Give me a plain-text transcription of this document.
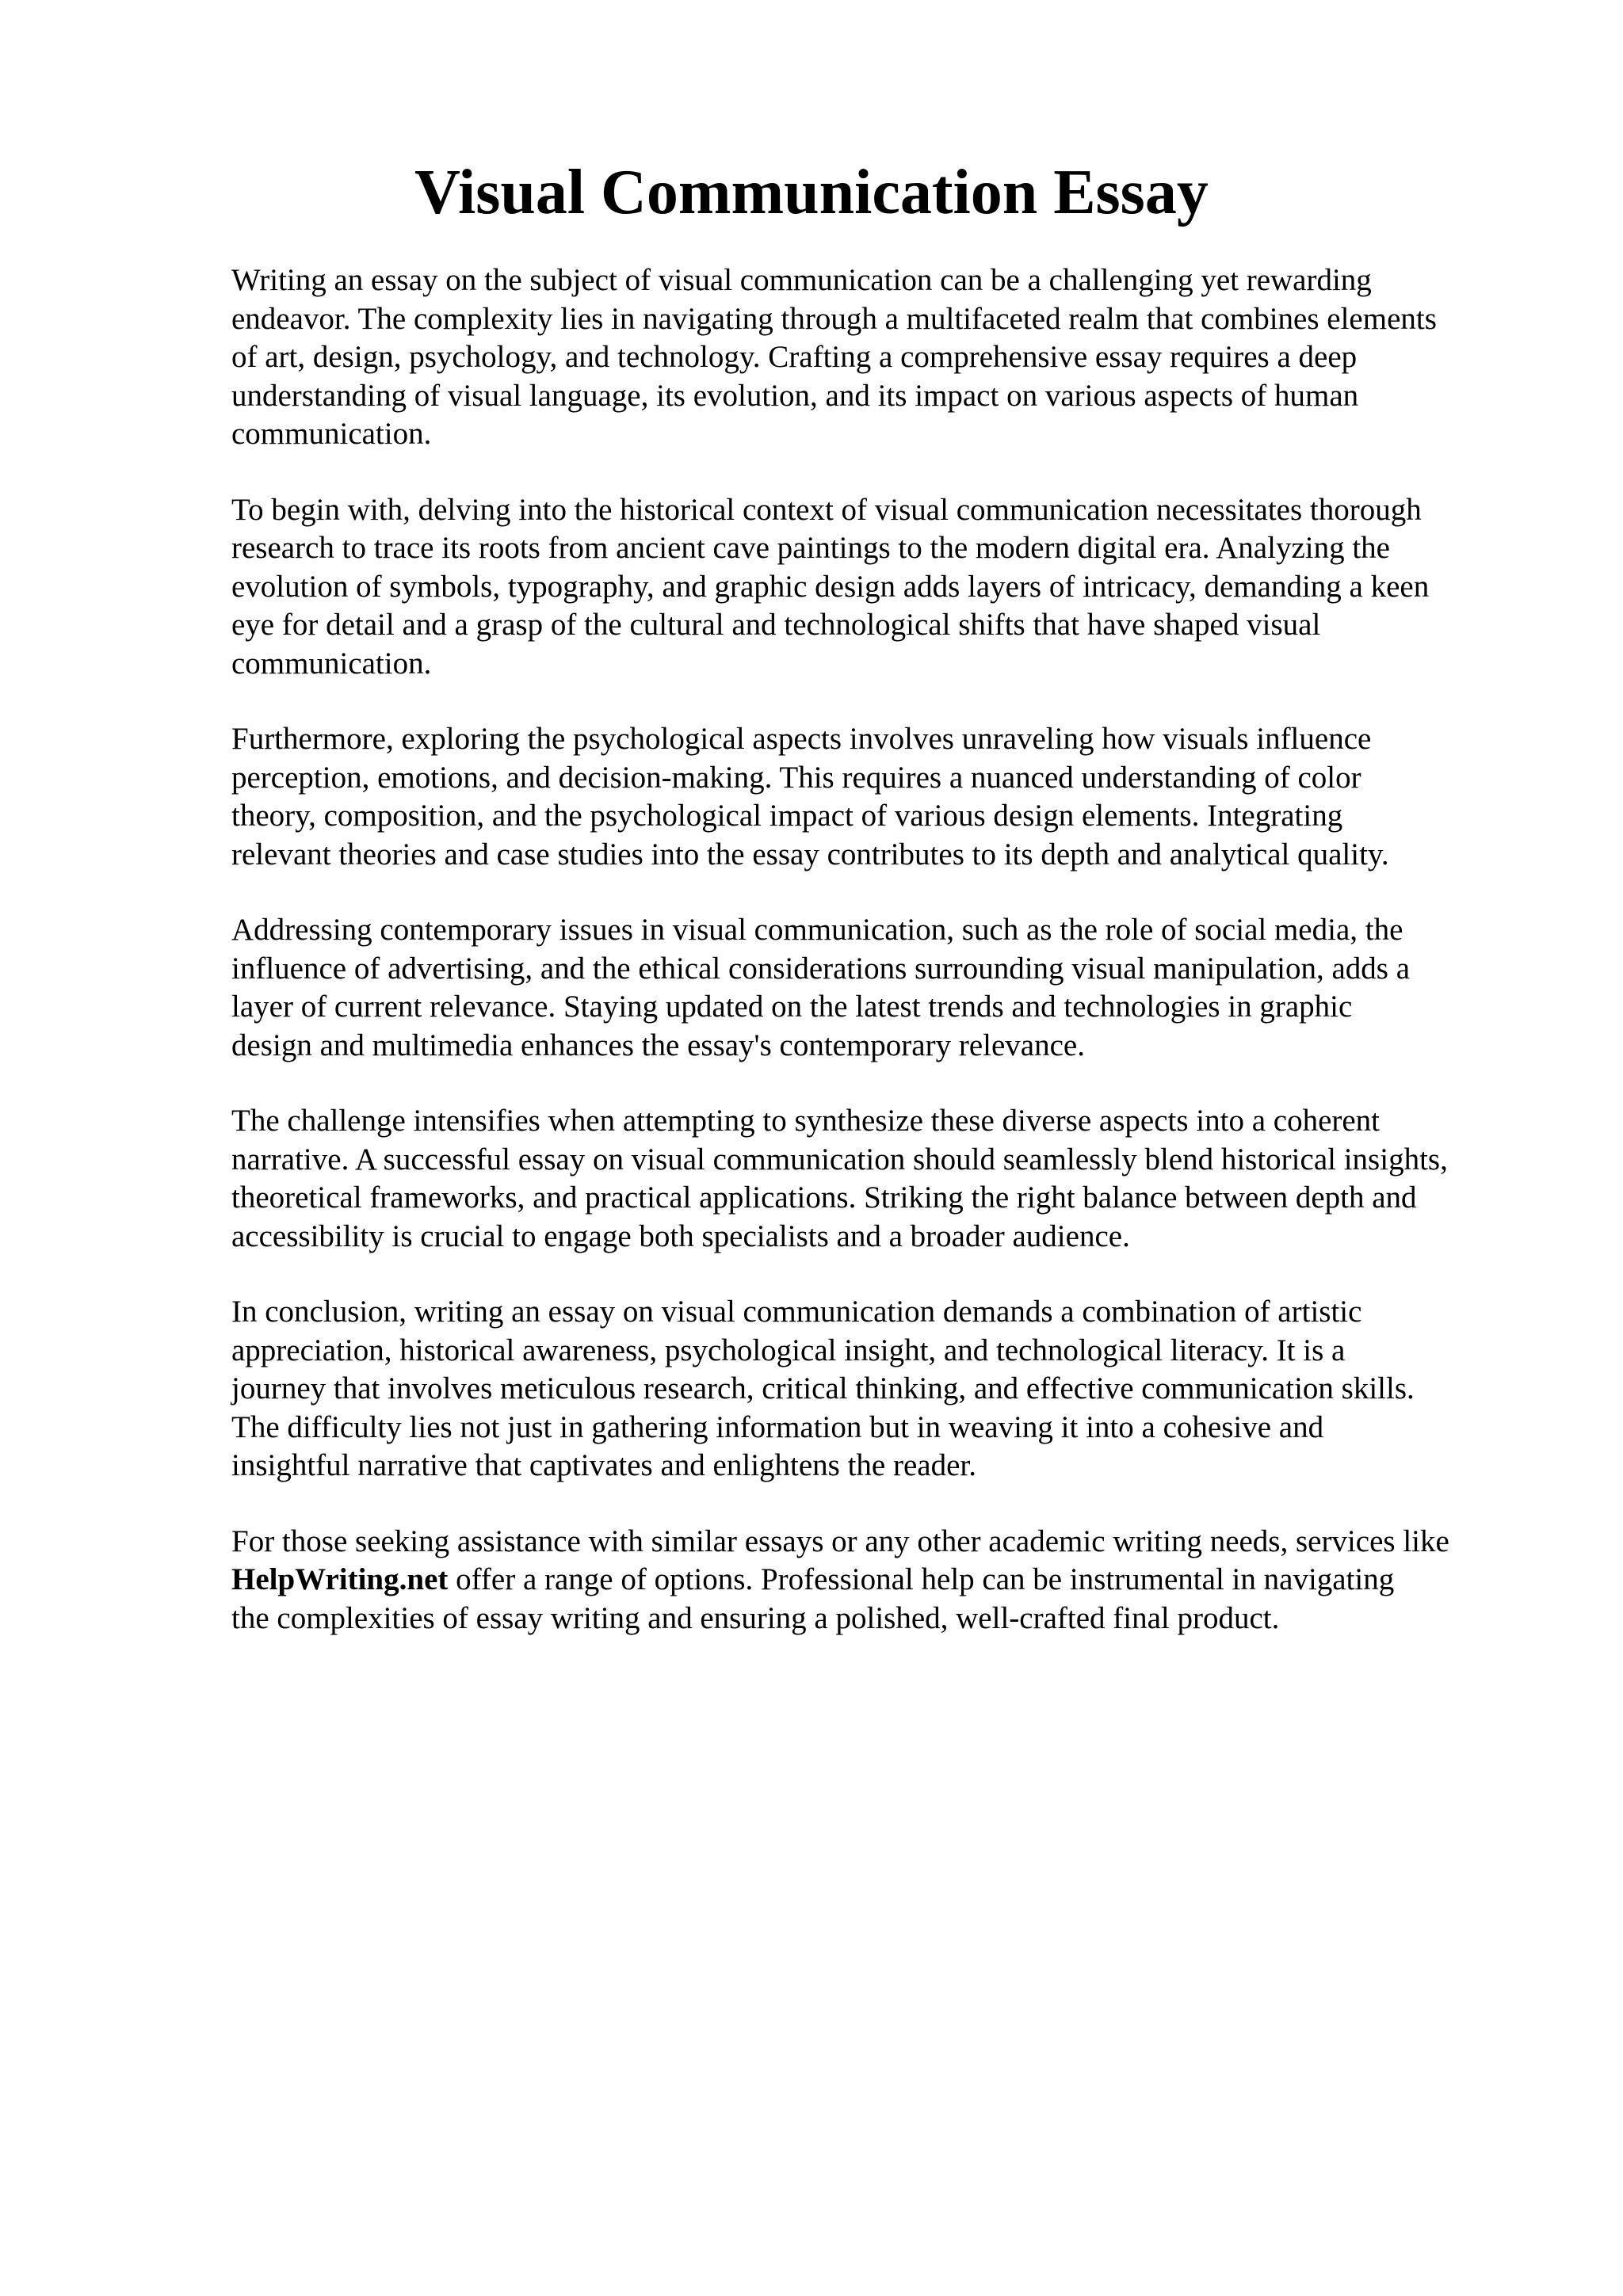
Visual Communication Essay

Writing an essay on the subject of visual communication can be a challenging yet rewarding
endeavor. The complexity lies in navigating through a multifaceted realm that combines elements
of art, design, psychology, and technology. Crafting a comprehensive essay requires a deep
understanding of visual language, its evolution, and its impact on various aspects of human
communication.

To begin with, delving into the historical context of visual communication necessitates thorough
research to trace its roots from ancient cave paintings to the modern digital era. Analyzing the
evolution of symbols, typography, and graphic design adds layers of intricacy, demanding a keen
eye for detail and a grasp of the cultural and technological shifts that have shaped visual
communication.

Furthermore, exploring the psychological aspects involves unraveling how visuals influence
perception, emotions, and decision-making. This requires a nuanced understanding of color
theory, composition, and the psychological impact of various design elements. Integrating
relevant theories and case studies into the essay contributes to its depth and analytical quality.

Addressing contemporary issues in visual communication, such as the role of social media, the
influence of advertising, and the ethical considerations surrounding visual manipulation, adds a
layer of current relevance. Staying updated on the latest trends and technologies in graphic
design and multimedia enhances the essay's contemporary relevance.

The challenge intensifies when attempting to synthesize these diverse aspects into a coherent
narrative. A successful essay on visual communication should seamlessly blend historical insights,
theoretical frameworks, and practical applications. Striking the right balance between depth and
accessibility is crucial to engage both specialists and a broader audience.

In conclusion, writing an essay on visual communication demands a combination of artistic
appreciation, historical awareness, psychological insight, and technological literacy. It is a
journey that involves meticulous research, critical thinking, and effective communication skills.
The difficulty lies not just in gathering information but in weaving it into a cohesive and
insightful narrative that captivates and enlightens the reader.

For those seeking assistance with similar essays or any other academic writing needs, services like
HelpWriting.net offer a range of options. Professional help can be instrumental in navigating
the complexities of essay writing and ensuring a polished, well-crafted final product.
